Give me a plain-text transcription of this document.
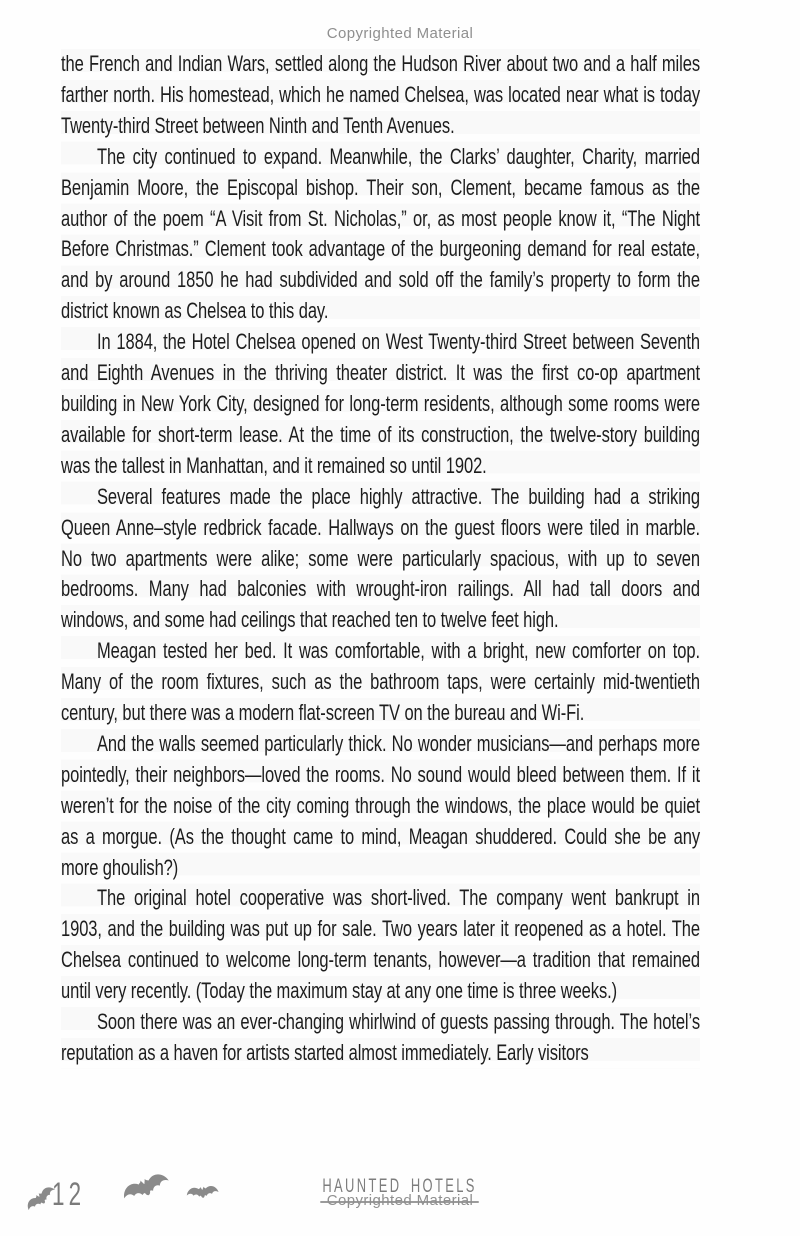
Copyrighted Material

the French and Indian Wars, settled along the Hudson River about two and a half miles farther north. His homestead, which he named Chelsea, was located near what is today Twenty-third Street between Ninth and Tenth Avenues.

The city continued to expand. Meanwhile, the Clarks’ daughter, Charity, married Benjamin Moore, the Episcopal bishop. Their son, Clement, became famous as the author of the poem “A Visit from St. Nicholas,” or, as most people know it, “The Night Before Christmas.” Clement took advantage of the burgeoning demand for real estate, and by around 1850 he had subdivided and sold off the family’s property to form the district known as Chelsea to this day.

In 1884, the Hotel Chelsea opened on West Twenty-third Street between Seventh and Eighth Avenues in the thriving theater district. It was the first co-op apartment building in New York City, designed for long-term residents, although some rooms were available for short-term lease. At the time of its construction, the twelve-story building was the tallest in Manhattan, and it remained so until 1902.

Several features made the place highly attractive. The building had a striking Queen Anne–style redbrick facade. Hallways on the guest floors were tiled in marble. No two apartments were alike; some were particularly spacious, with up to seven bedrooms. Many had balconies with wrought-iron railings. All had tall doors and windows, and some had ceilings that reached ten to twelve feet high.

Meagan tested her bed. It was comfortable, with a bright, new comforter on top. Many of the room fixtures, such as the bathroom taps, were certainly mid-twentieth century, but there was a modern flat-screen TV on the bureau and Wi-Fi.

And the walls seemed particularly thick. No wonder musicians—and perhaps more pointedly, their neighbors—loved the rooms. No sound would bleed between them. If it weren’t for the noise of the city coming through the windows, the place would be quiet as a morgue. (As the thought came to mind, Meagan shuddered. Could she be any more ghoulish?)

The original hotel cooperative was short-lived. The company went bankrupt in 1903, and the building was put up for sale. Two years later it reopened as a hotel. The Chelsea continued to welcome long-term tenants, however—a tradition that remained until very recently. (Today the maximum stay at any one time is three weeks.)

Soon there was an ever-changing whirlwind of guests passing through. The hotel’s reputation as a haven for artists started almost immediately. Early visitors

12	HAUNTED HOTELS
Copyrighted Material
